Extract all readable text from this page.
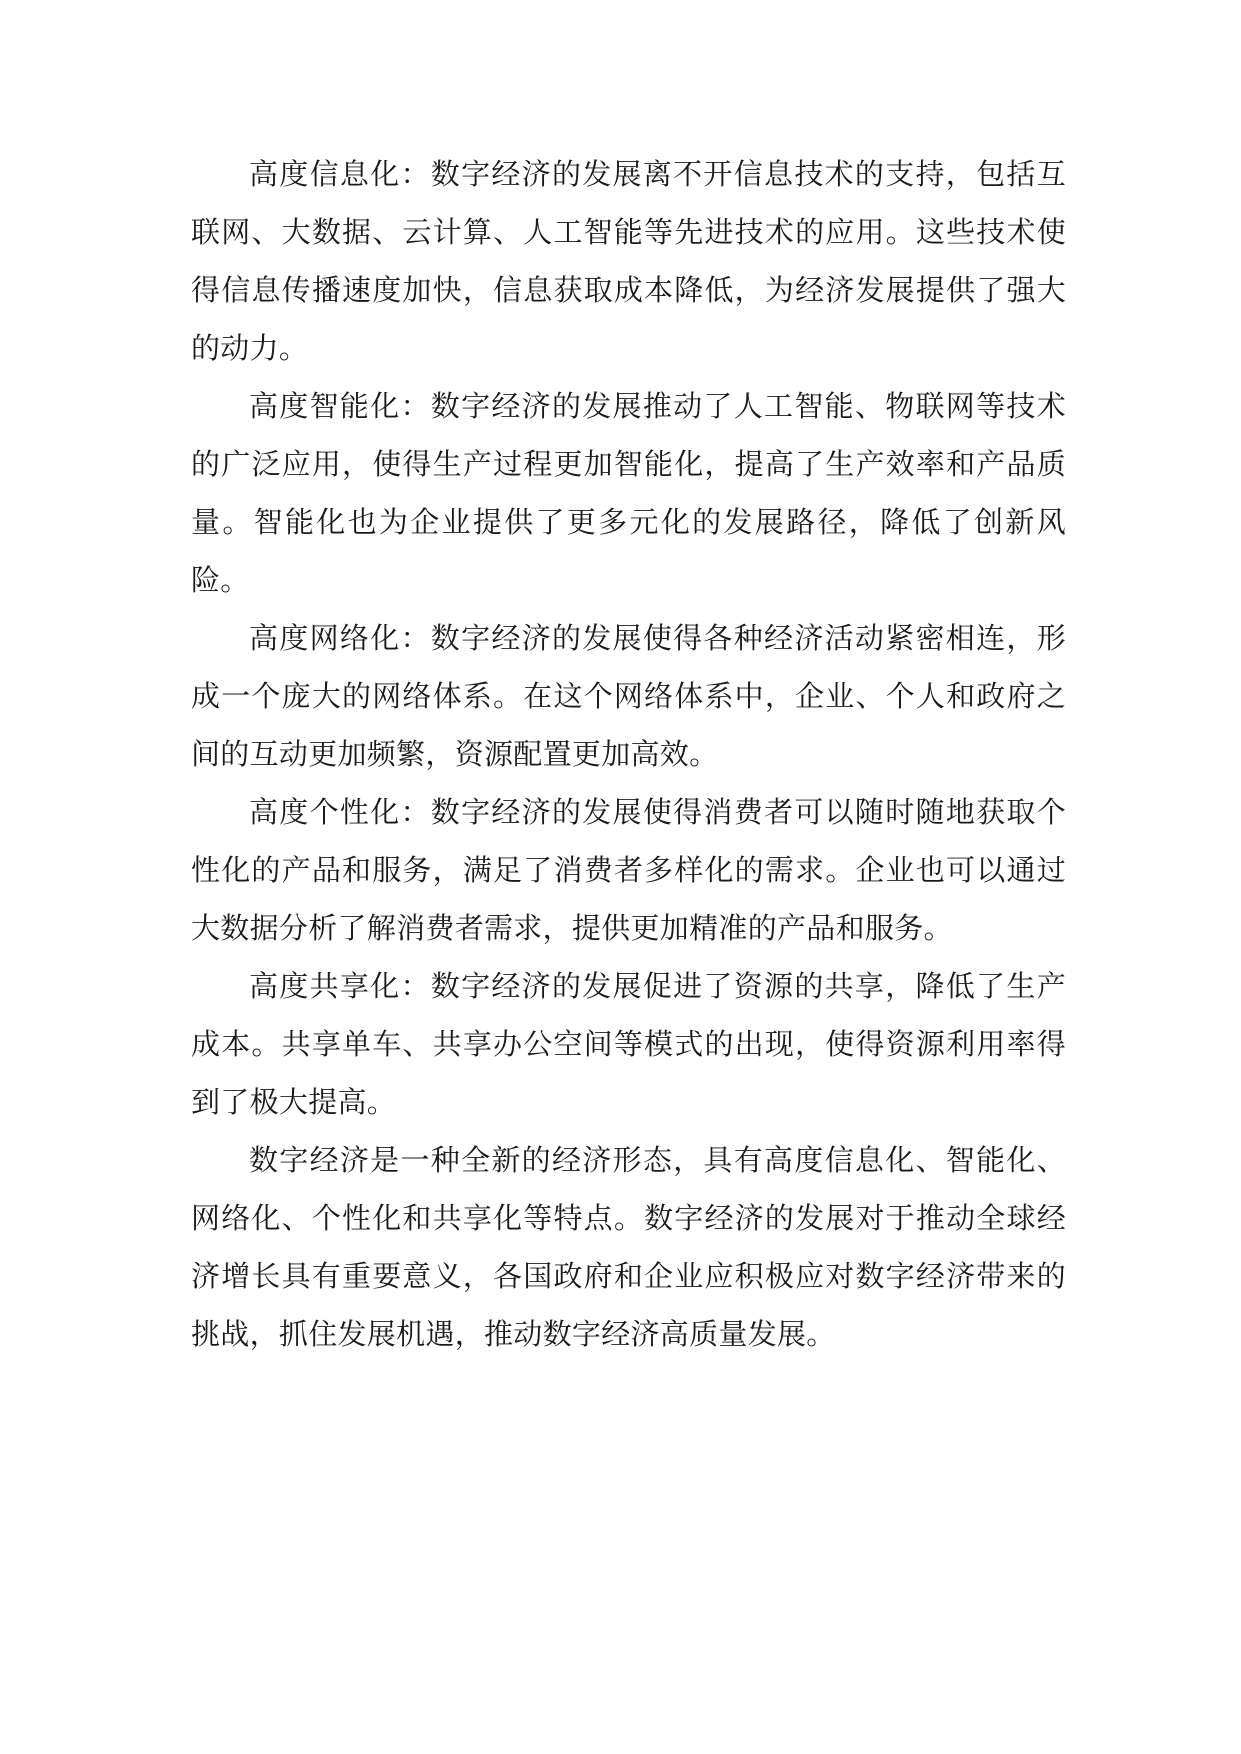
高度信息化：数字经济的发展离不开信息技术的支持，包括互联网、大数据、云计算、人工智能等先进技术的应用。这些技术使得信息传播速度加快，信息获取成本降低，为经济发展提供了强大的动力。

高度智能化：数字经济的发展推动了人工智能、物联网等技术的广泛应用，使得生产过程更加智能化，提高了生产效率和产品质量。智能化也为企业提供了更多元化的发展路径，降低了创新风险。

高度网络化：数字经济的发展使得各种经济活动紧密相连，形成一个庞大的网络体系。在这个网络体系中，企业、个人和政府之间的互动更加频繁，资源配置更加高效。

高度个性化：数字经济的发展使得消费者可以随时随地获取个性化的产品和服务，满足了消费者多样化的需求。企业也可以通过大数据分析了解消费者需求，提供更加精准的产品和服务。

高度共享化：数字经济的发展促进了资源的共享，降低了生产成本。共享单车、共享办公空间等模式的出现，使得资源利用率得到了极大提高。

数字经济是一种全新的经济形态，具有高度信息化、智能化、网络化、个性化和共享化等特点。数字经济的发展对于推动全球经济增长具有重要意义，各国政府和企业应积极应对数字经济带来的挑战，抓住发展机遇，推动数字经济高质量发展。
